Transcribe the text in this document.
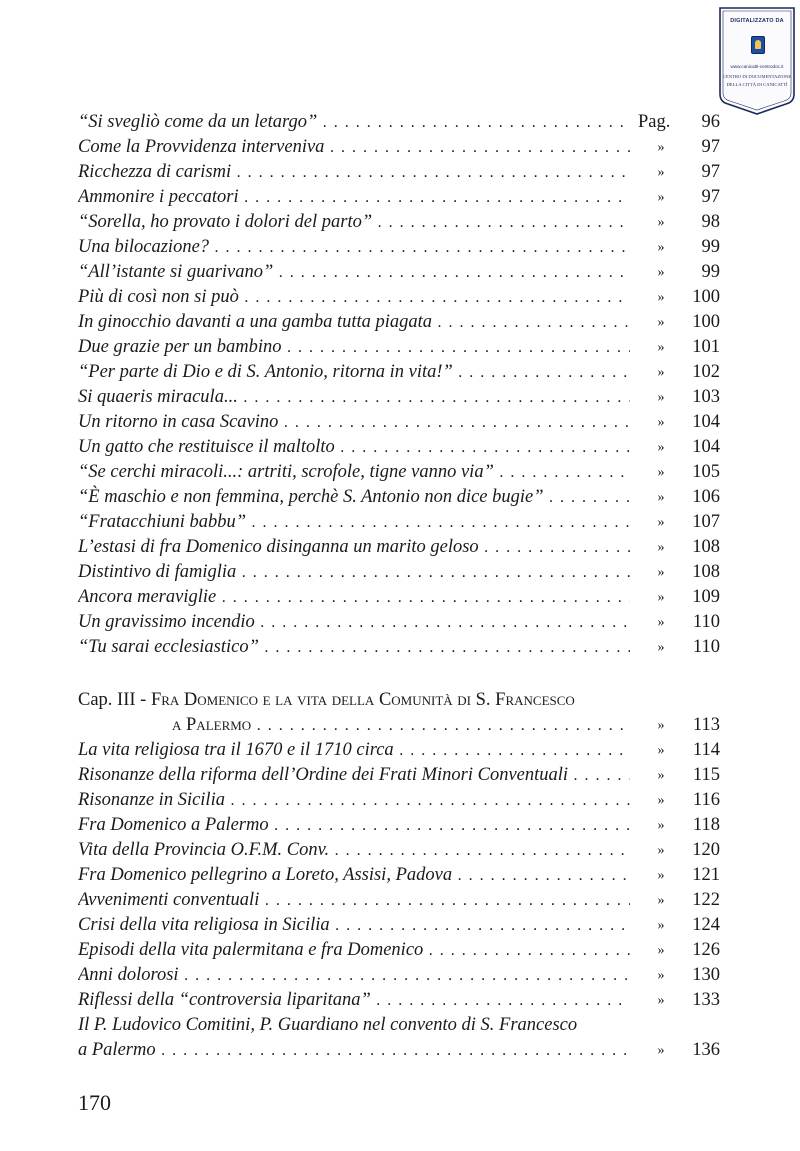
DIGITALIZZATO DA
www.canicatti-centrodoc.it
CENTRO DI DOCUMENTAZIONE
DELLA CITTÀ DI CANICATTÌ
“Si svegliò come da un letargo” . . .	Pag.	96
Come la Provvidenza interveniva . . .	»	97
Ricchezza di carismi . . .	»	97
Ammonire i peccatori . . .	»	97
“Sorella, ho provato i dolori del parto” . . .	»	98
Una bilocazione? . . .	»	99
“All’istante si guarivano” . . .	»	99
Più di così non si può . . .	»	100
In ginocchio davanti a una gamba tutta piagata . . .	»	100
Due grazie per un bambino . . .	»	101
“Per parte di Dio e di S. Antonio, ritorna in vita!” . . .	»	102
Si quaeris miracula... . . .	»	103
Un ritorno in casa Scavino . . .	»	104
Un gatto che restituisce il maltolto . . .	»	104
“Se cerchi miracoli...: artriti, scrofole, tigne vanno via” . . .	»	105
“È maschio e non femmina, perchè S. Antonio non dice bugie” . . .	»	106
“Fratacchiuni babbu” . . .	»	107
L’estasi di fra Domenico disinganna un marito geloso . . .	»	108
Distintivo di famiglia . . .	»	108
Ancora meraviglie . . .	»	109
Un gravissimo incendio . . .	»	110
“Tu sarai ecclesiastico” . . .	»	110
Cap. III - Fra Domenico e la vita della Comunità di S. Francesco
a Palermo . . .	»	113
La vita religiosa tra il 1670 e il 1710 circa . . .	»	114
Risonanze della riforma dell’Ordine dei Frati Minori Conventuali . . .	»	115
Risonanze in Sicilia . . .	»	116
Fra Domenico a Palermo . . .	»	118
Vita della Provincia O.F.M. Conv. . . .	»	120
Fra Domenico pellegrino a Loreto, Assisi, Padova . . .	»	121
Avvenimenti conventuali . . .	»	122
Crisi della vita religiosa in Sicilia . . .	»	124
Episodi della vita palermitana e fra Domenico . . .	»	126
Anni dolorosi . . .	»	130
Riflessi della “controversia liparitana” . . .	»	133
Il P. Ludovico Comitini, P. Guardiano nel convento di S. Francesco
a Palermo . . .	»	136
170
